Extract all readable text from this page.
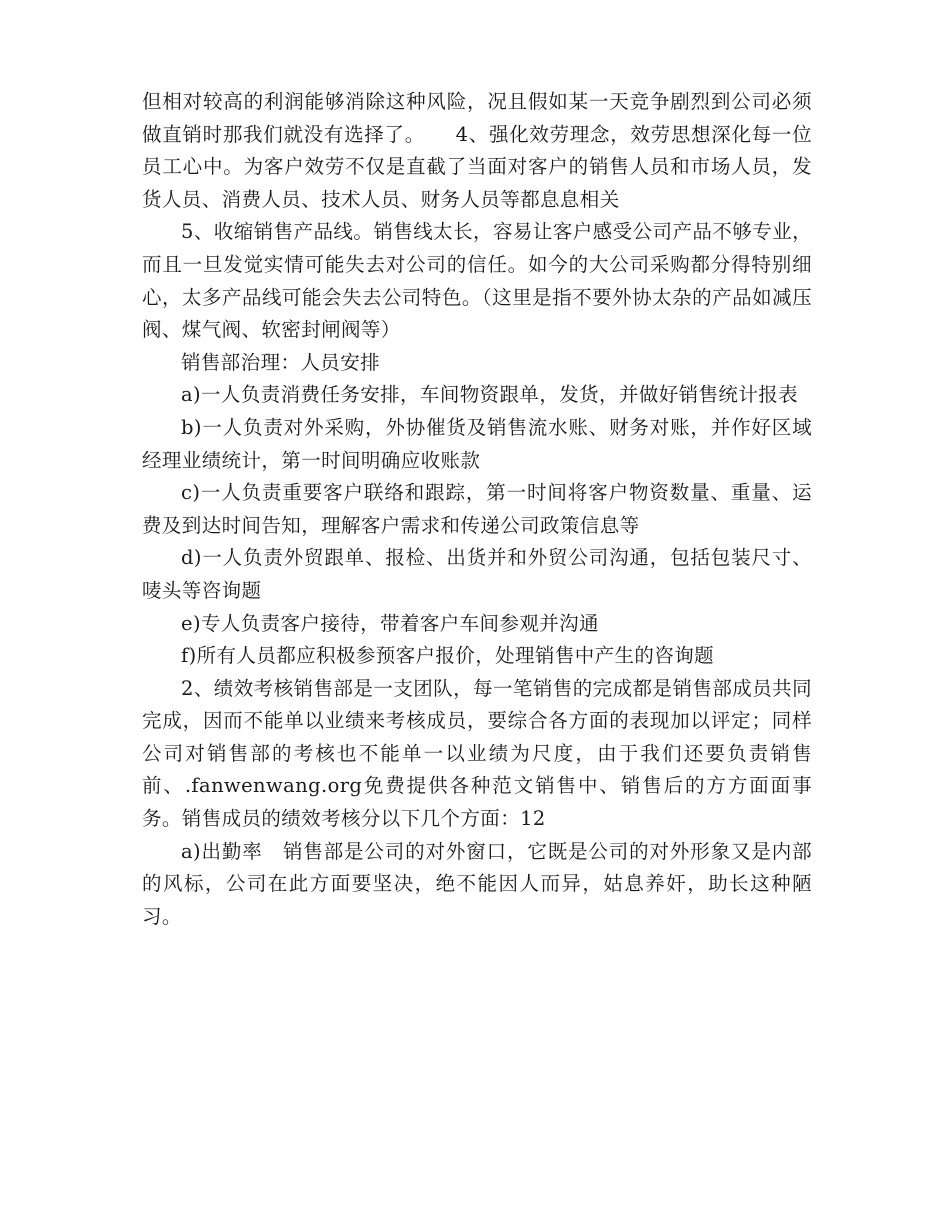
但相对较高的利润能够消除这种风险，况且假如某一天竞争剧烈到公司必须做直销时那我们就没有选择了。　　4、强化效劳理念，效劳思想深化每一位员工心中。为客户效劳不仅是直截了当面对客户的销售人员和市场人员，发货人员、消费人员、技术人员、财务人员等都息息相关

5、收缩销售产品线。销售线太长，容易让客户感受公司产品不够专业，而且一旦发觉实情可能失去对公司的信任。如今的大公司采购都分得特别细心，太多产品线可能会失去公司特色。（这里是指不要外协太杂的产品如减压阀、煤气阀、软密封闸阀等）

销售部治理：人员安排

a)一人负责消费任务安排，车间物资跟单，发货，并做好销售统计报表

b)一人负责对外采购，外协催货及销售流水账、财务对账，并作好区域经理业绩统计，第一时间明确应收账款

c)一人负责重要客户联络和跟踪，第一时间将客户物资数量、重量、运费及到达时间告知，理解客户需求和传递公司政策信息等

d)一人负责外贸跟单、报检、出货并和外贸公司沟通，包括包装尺寸、唛头等咨询题

e)专人负责客户接待，带着客户车间参观并沟通

f)所有人员都应积极参预客户报价，处理销售中产生的咨询题

2、绩效考核销售部是一支团队，每一笔销售的完成都是销售部成员共同完成，因而不能单以业绩来考核成员，要综合各方面的表现加以评定；同样公司对销售部的考核也不能单一以业绩为尺度，由于我们还要负责销售前、.fanwenwang.org免费提供各种范文销售中、销售后的方方面面事务。销售成员的绩效考核分以下几个方面：12

a)出勤率　销售部是公司的对外窗口，它既是公司的对外形象又是内部的风标，公司在此方面要坚决，绝不能因人而异，姑息养奸，助长这种陋习。
